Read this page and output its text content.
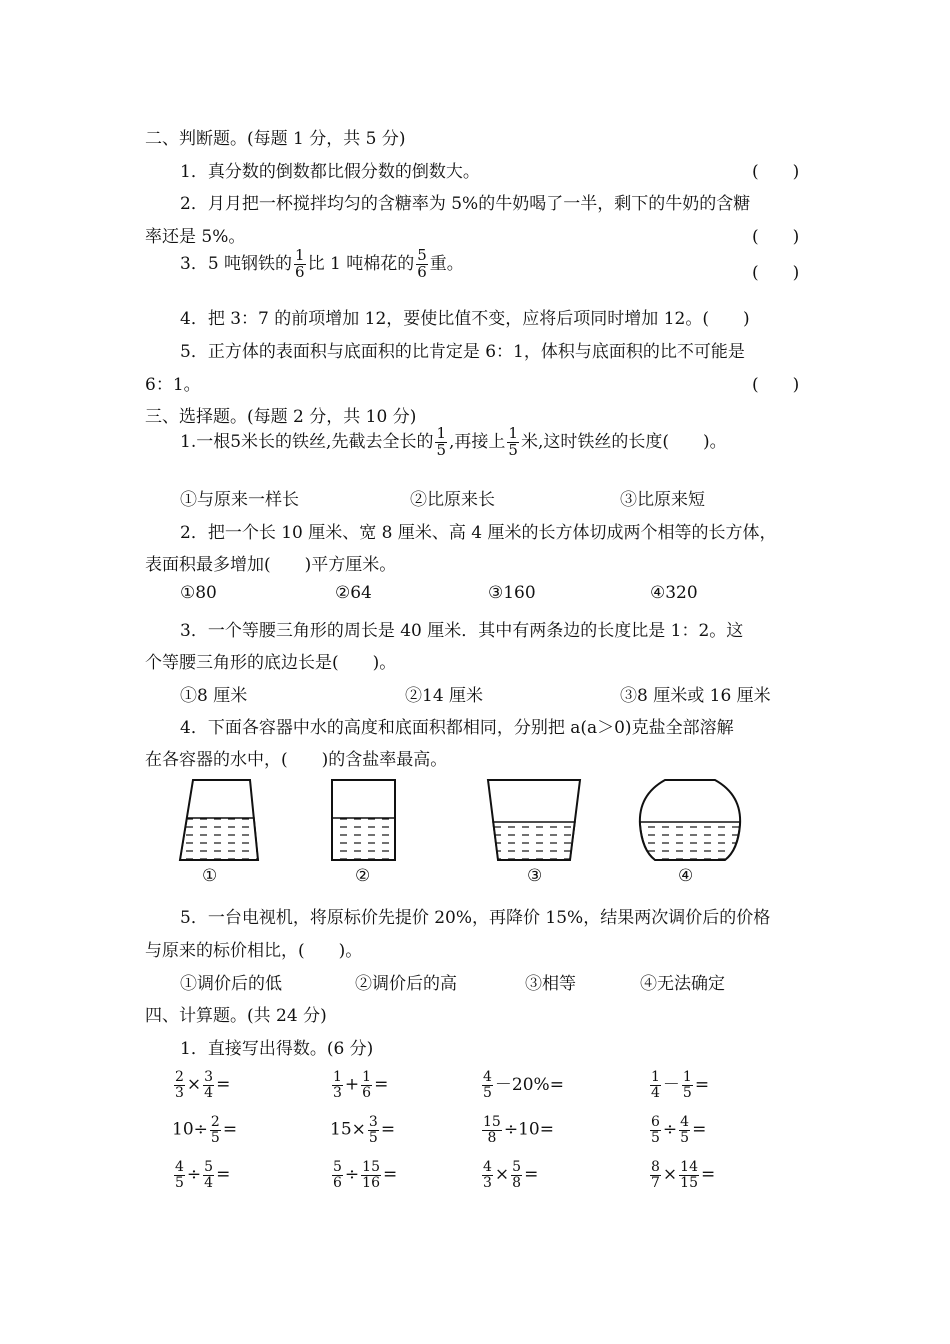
二、判断题。(每题 1 分，共 5 分)
1．真分数的倒数都比假分数的倒数大。	(　　)
2．月月把一杯搅拌均匀的含糖率为 5%的牛奶喝了一半，剩下的牛奶的含糖
率还是 5%。	(　　)
3．5 吨钢铁的 $\frac{1}{6}$ 比 1 吨棉花的 $\frac{5}{6}$ 重。	(　　)
4．把 3：7 的前项增加 12，要使比值不变，应将后项同时增加 12。(　　)
5．正方体的表面积与底面积的比肯定是 6：1，体积与底面积的比不可能是
6：1。	(　　)
三、选择题。(每题 2 分，共 10 分)
1.一根5米长的铁丝,先截去全长的 $\frac{1}{5}$ ,再接上 $\frac{1}{5}$ 米,这时铁丝的长度(　　)。
①与原来一样长	②比原来长	③比原来短
2．把一个长 10 厘米、宽 8 厘米、高 4 厘米的长方体切成两个相等的长方体，
表面积最多增加(　　)平方厘米。
①80	②64	③160	④320
3．一个等腰三角形的周长是 40 厘米．其中有两条边的长度比是 1：2。这
个等腰三角形的底边长是(　　)。
①8 厘米	②14 厘米	③8 厘米或 16 厘米
4．下面各容器中水的高度和底面积都相同，分别把 a(a＞0)克盐全部溶解
在各容器的水中，(　　)的含盐率最高。
①	②	③	④
5．一台电视机，将原标价先提价 20%，再降价 15%，结果两次调价后的价格
与原来的标价相比，(　　)。
①调价后的低	②调价后的高	③相等	④无法确定
四、计算题。(共 24 分)
1．直接写出得数。(6 分)
$\frac{2}{3} \times \frac{3}{4}$ =	$\frac{1}{3} + \frac{1}{6}$ =	$\frac{4}{5} -20\%=$	$\frac{1}{4} - \frac{1}{5}$ =
$10\div \frac{2}{5}$ =	$15\times \frac{3}{5}$ =	$\frac{15}{8} \div 10=$	$\frac{6}{5} \div \frac{4}{5}$ =
$\frac{4}{5} \div \frac{5}{4}$ =	$\frac{5}{6} \div \frac{15}{16}$ =	$\frac{4}{3} \times \frac{5}{8}$ =	$\frac{8}{7} \times \frac{14}{15}$ =
